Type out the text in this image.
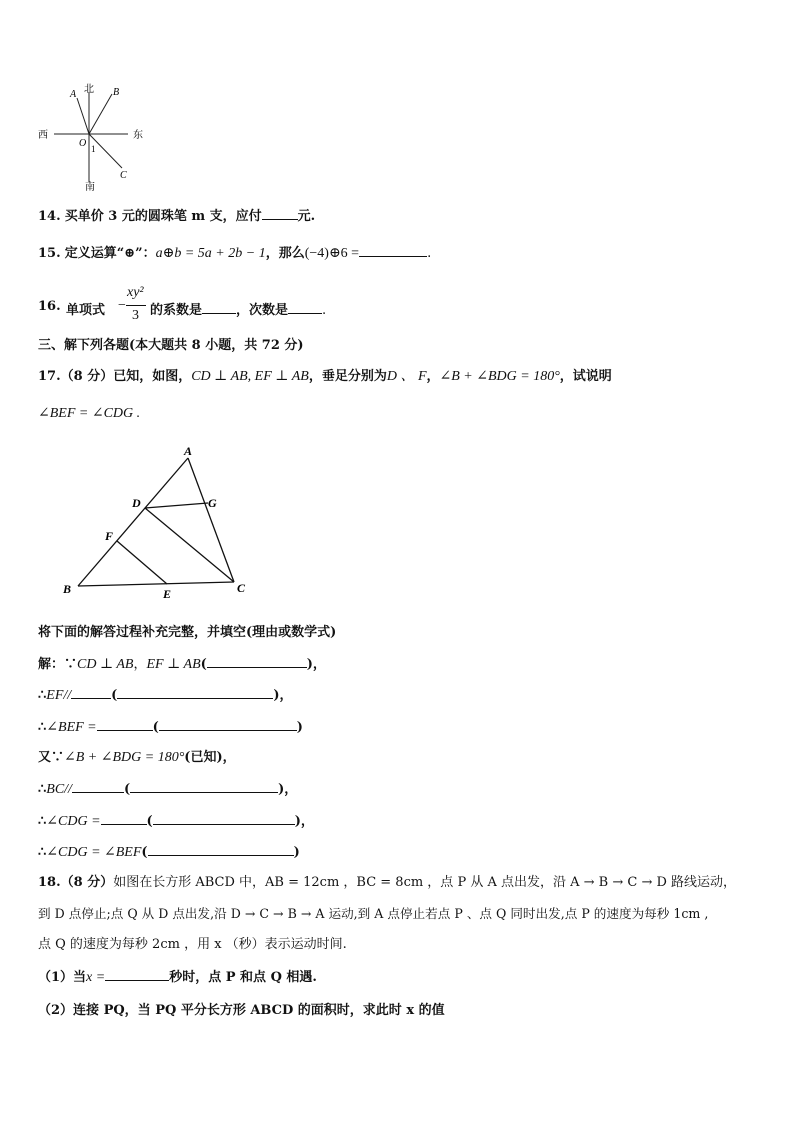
北
西	东
南
A	B
C
O 1
14. 买单价 3 元的圆珠笔 m 支，应付	元.
15. 定义运算“⊕”：a⊕b = 5a + 2b − 1，那么(−4)⊕6 =	.
16. 单项式 −
xy²
3 的系数是	，次数是	.
三、解下列各题(本大题共 8 小题，共 72 分)
17.（8 分）已知，如图，CD ⊥ AB, EF ⊥ AB，垂足分别为D 、 F，∠B + ∠BDG = 180°，试说明
∠BEF = ∠CDG .
A
D	G
F
B	E	C
将下面的解答过程补充完整，并填空(理由或数学式)
解：∵CD ⊥ AB，EF ⊥ AB(	)，
∴EF//	(	)，
∴∠BEF =	(	)
又∵∠B + ∠BDG = 180°(已知)，
∴BC//	(	)，
∴∠CDG =	(	)，
∴∠CDG = ∠BEF(	)
18.（8 分）如图在长方形 ABCD 中，AB = 12cm ，BC = 8cm ，点 P 从 A 点出发，沿 A → B → C → D 路线运动，
到 D 点停止;点 Q 从 D 点出发,沿 D → C → B → A 运动,到 A 点停止若点 P 、点 Q 同时出发,点 P 的速度为每秒 1cm ,
点 Q 的速度为每秒 2cm ，用 x （秒）表示运动时间.
（1）当x =	秒时，点 P 和点 Q 相遇.
（2）连接 PQ，当 PQ 平分长方形 ABCD 的面积时，求此时 x 的值
